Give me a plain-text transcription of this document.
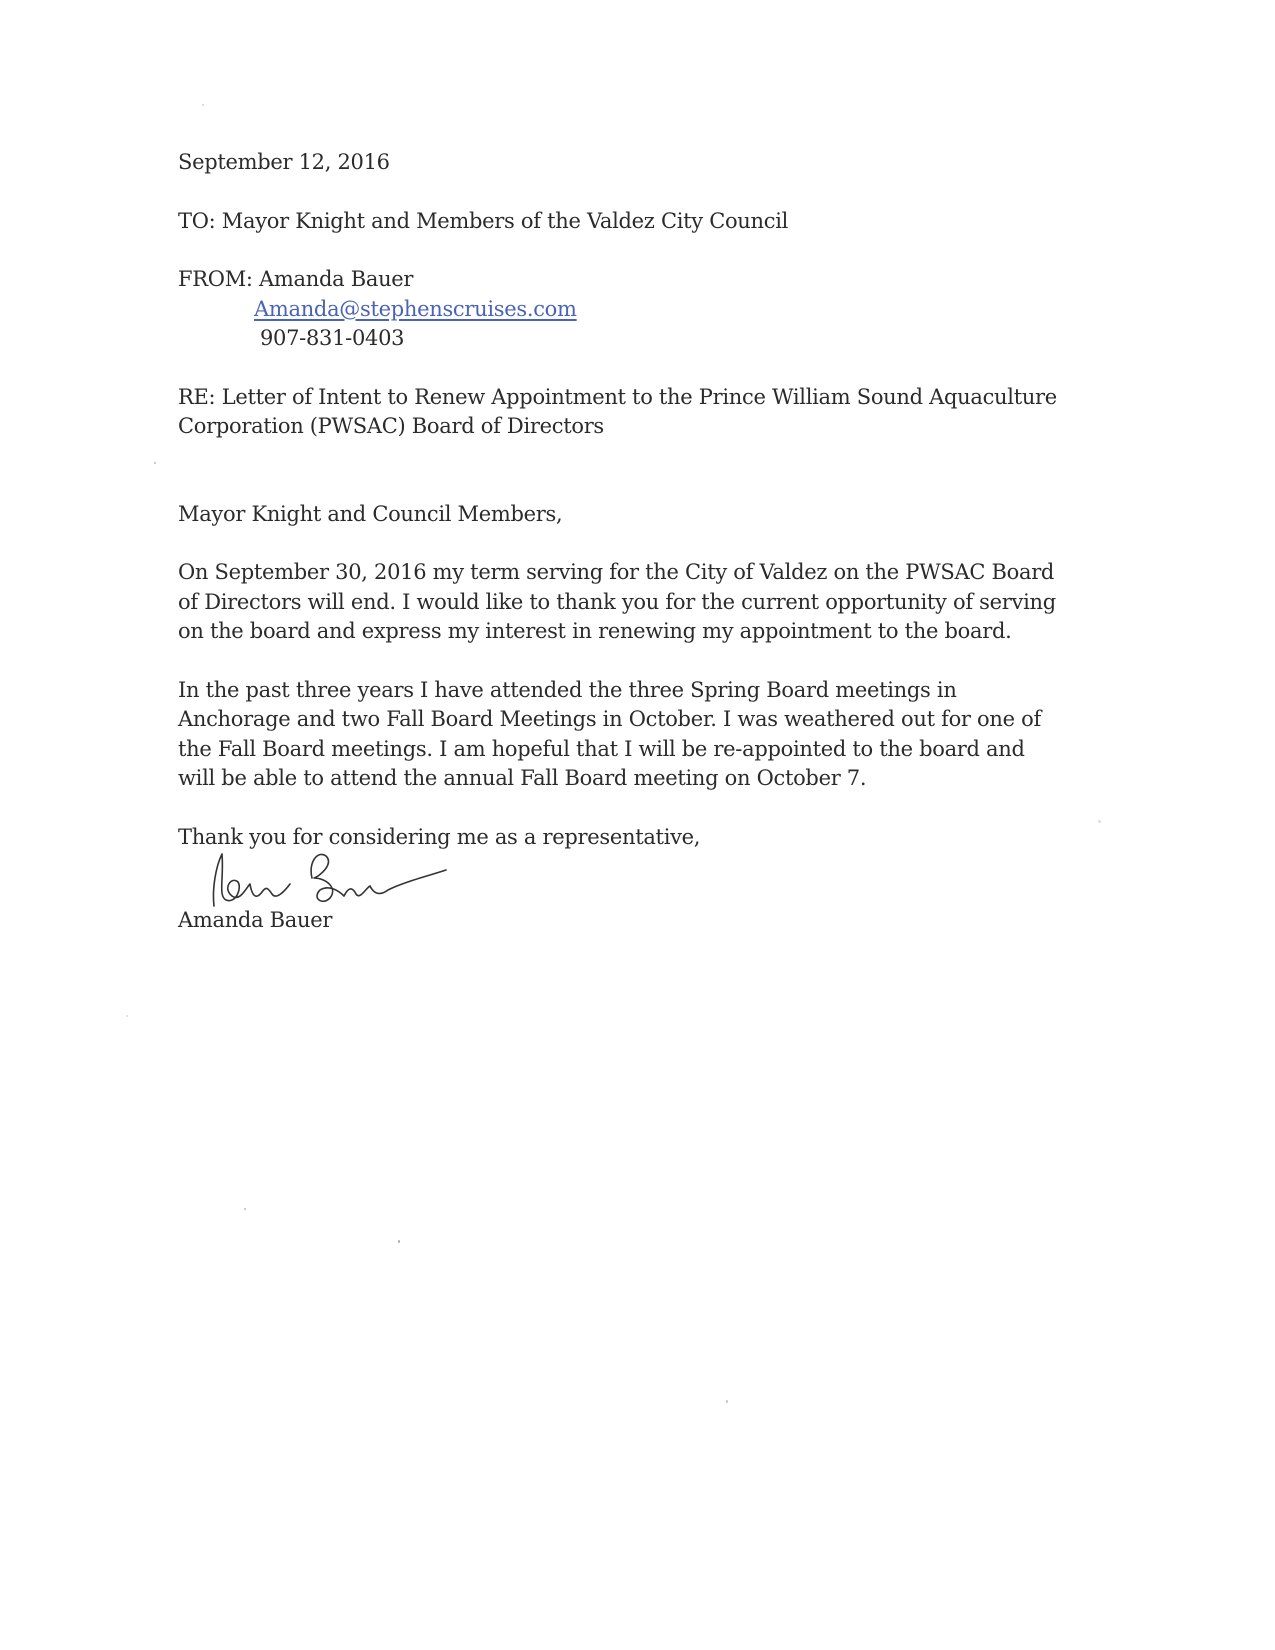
September 12, 2016
TO: Mayor Knight and Members of the Valdez City Council
FROM: Amanda Bauer
Amanda@stephenscruises.com
907-831-0403
RE: Letter of Intent to Renew Appointment to the Prince William Sound Aquaculture Corporation (PWSAC) Board of Directors
Mayor Knight and Council Members,
On September 30, 2016 my term serving for the City of Valdez on the PWSAC Board of Directors will end. I would like to thank you for the current opportunity of serving on the board and express my interest in renewing my appointment to the board.
In the past three years I have attended the three Spring Board meetings in Anchorage and two Fall Board Meetings in October. I was weathered out for one of the Fall Board meetings. I am hopeful that I will be re-appointed to the board and will be able to attend the annual Fall Board meeting on October 7.
Thank you for considering me as a representative,
Amanda Bauer
